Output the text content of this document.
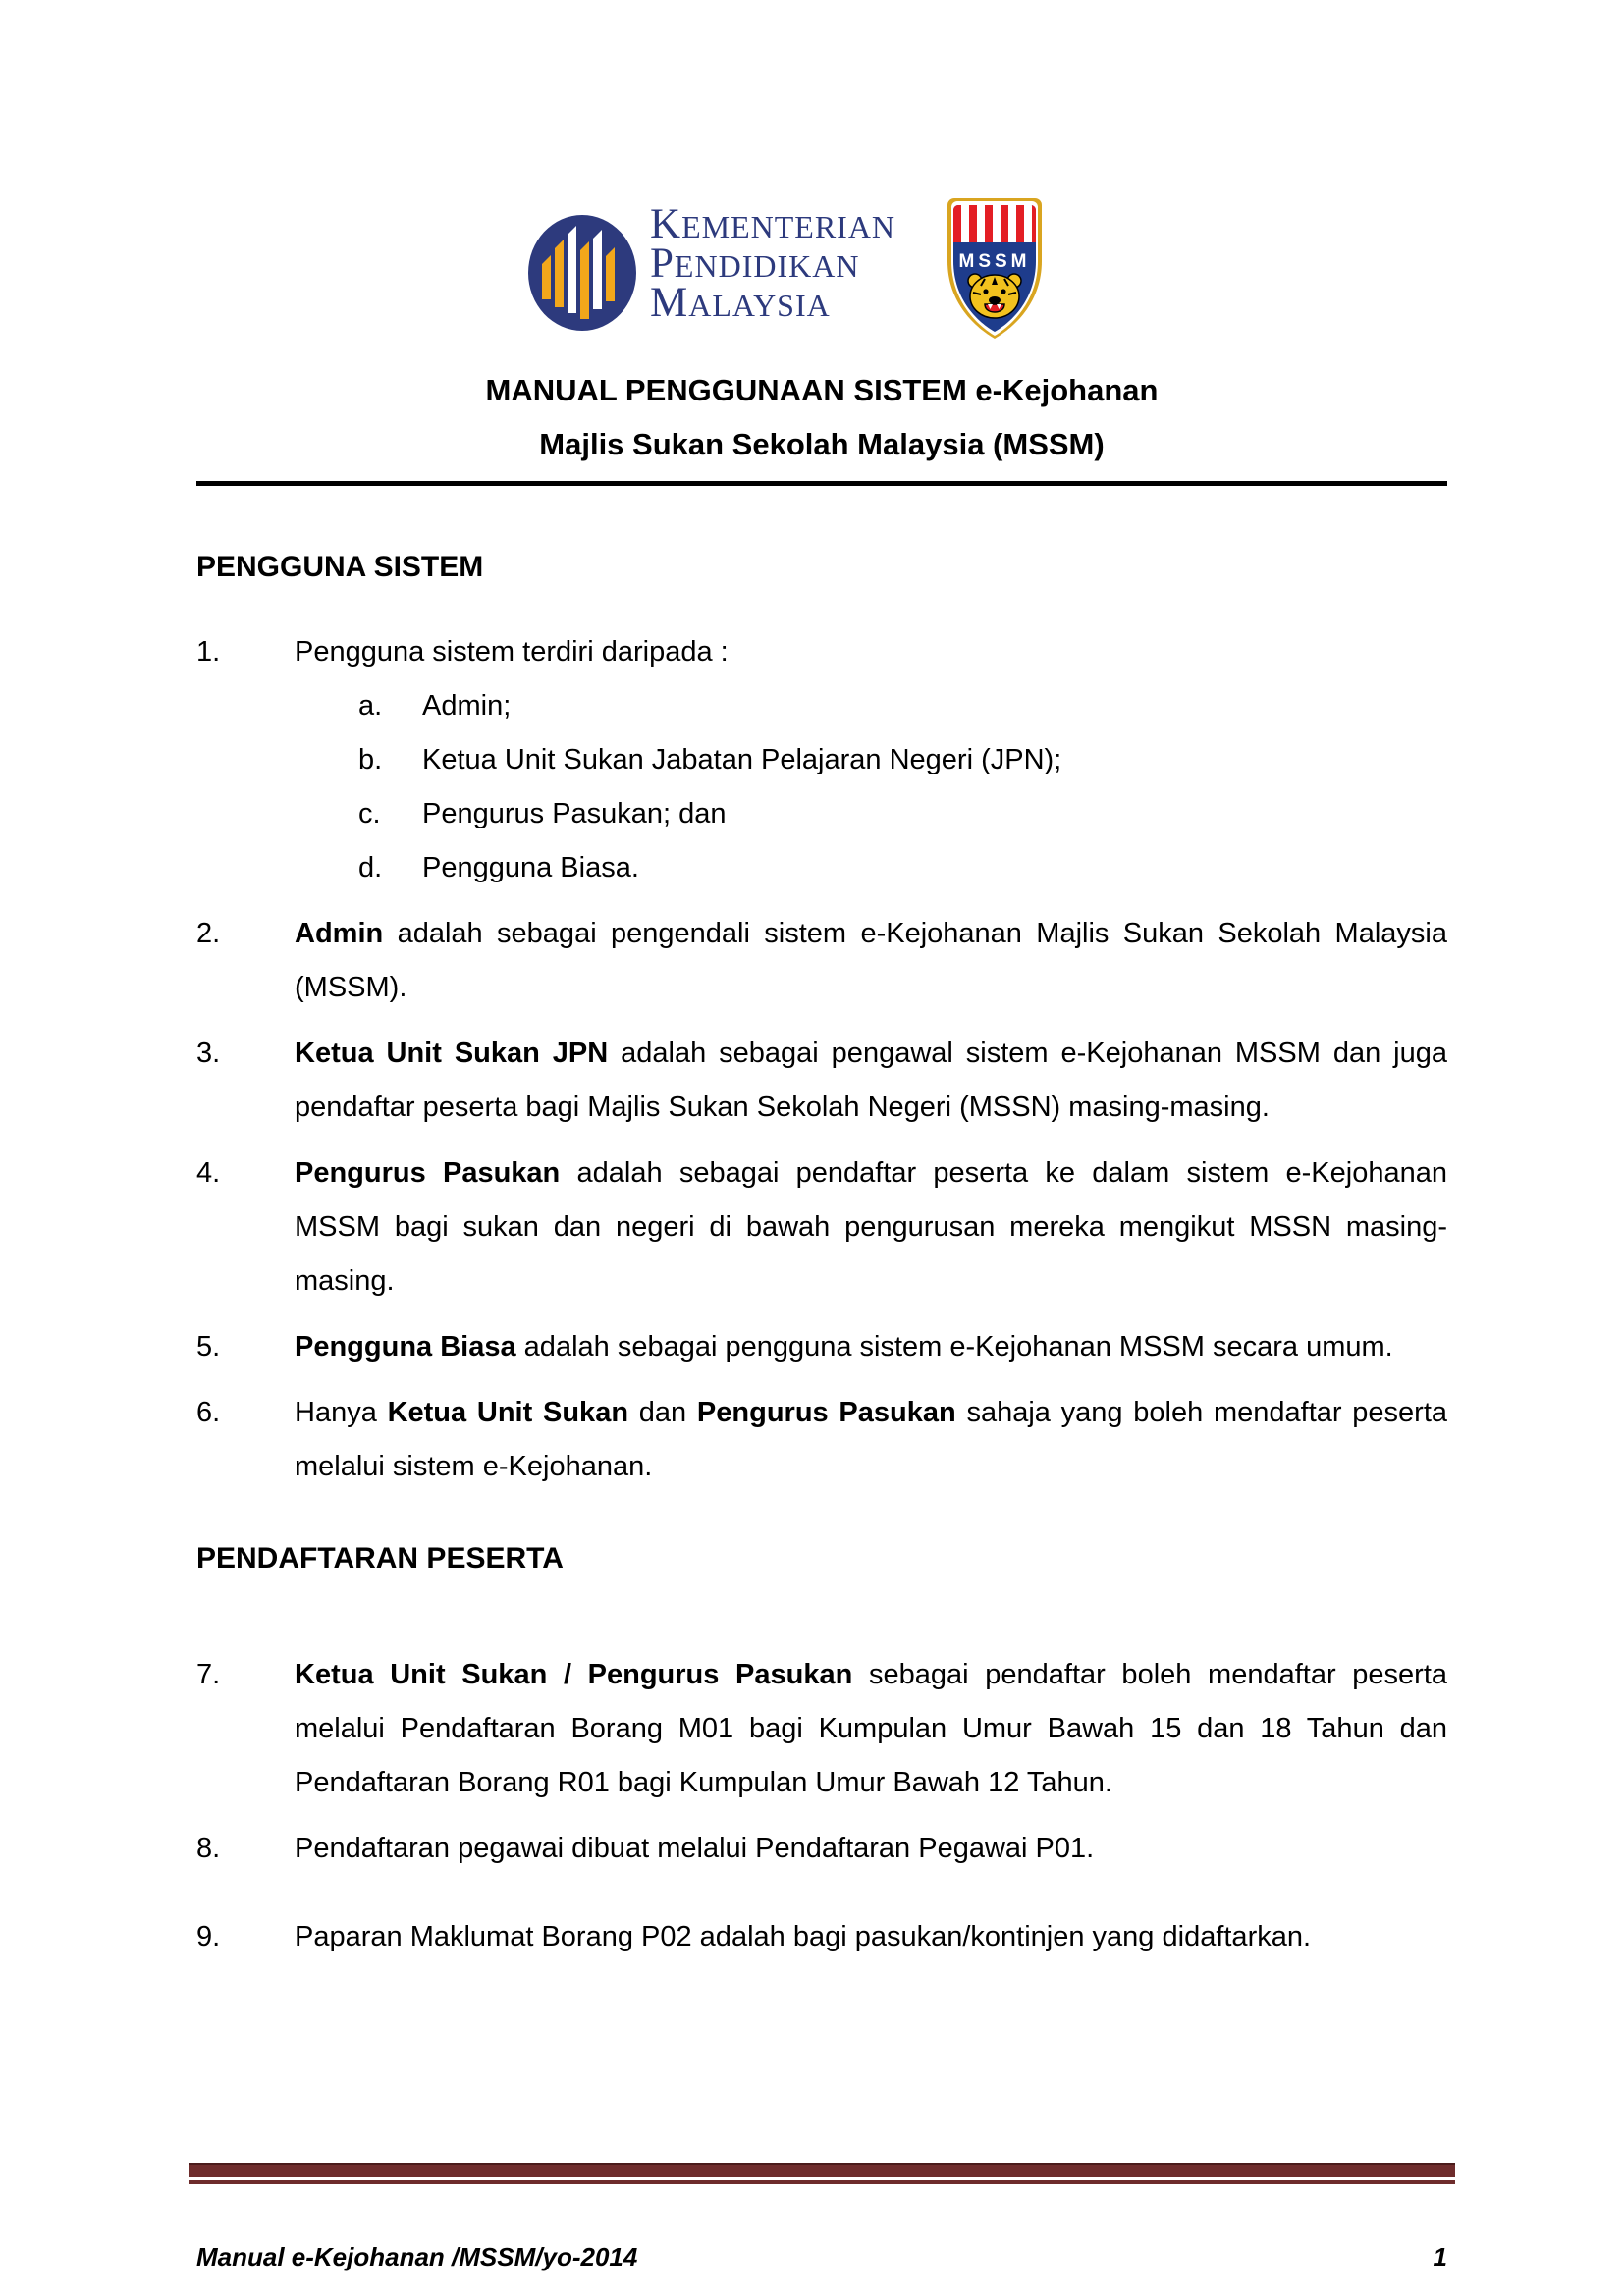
KEMENTERIAN
PENDIDIKAN
MALAYSIA
MSSM
MANUAL PENGGUNAAN SISTEM e-Kejohanan
Majlis Sukan Sekolah Malaysia (MSSM)
PENGGUNA SISTEM
1.	Pengguna sistem terdiri daripada :
a.	Admin;
b.	Ketua Unit Sukan Jabatan Pelajaran Negeri (JPN);
c.	Pengurus Pasukan; dan
d.	Pengguna Biasa.
2.	Admin adalah sebagai pengendali sistem e-Kejohanan Majlis Sukan Sekolah Malaysia (MSSM).

3.	Ketua Unit Sukan JPN adalah sebagai pengawal sistem e-Kejohanan MSSM dan juga pendaftar peserta bagi Majlis Sukan Sekolah Negeri (MSSN) masing-masing.

4.	Pengurus Pasukan adalah sebagai pendaftar peserta ke dalam sistem e-Kejohanan MSSM bagi sukan dan negeri di bawah pengurusan mereka mengikut MSSN masing-masing.

5.	Pengguna Biasa adalah sebagai pengguna sistem e-Kejohanan MSSM secara umum.

6.	Hanya Ketua Unit Sukan dan Pengurus Pasukan sahaja yang boleh mendaftar peserta melalui sistem e-Kejohanan.

PENDAFTARAN PESERTA
7.	Ketua Unit Sukan / Pengurus Pasukan sebagai pendaftar boleh mendaftar peserta melalui Pendaftaran Borang M01 bagi Kumpulan Umur Bawah 15 dan 18 Tahun dan Pendaftaran Borang R01 bagi Kumpulan Umur Bawah 12 Tahun.

8.	Pendaftaran pegawai dibuat melalui Pendaftaran Pegawai P01.

9.	Paparan Maklumat Borang P02 adalah bagi pasukan/kontinjen yang didaftarkan.

Manual e-Kejohanan /MSSM/yo-2014	1
